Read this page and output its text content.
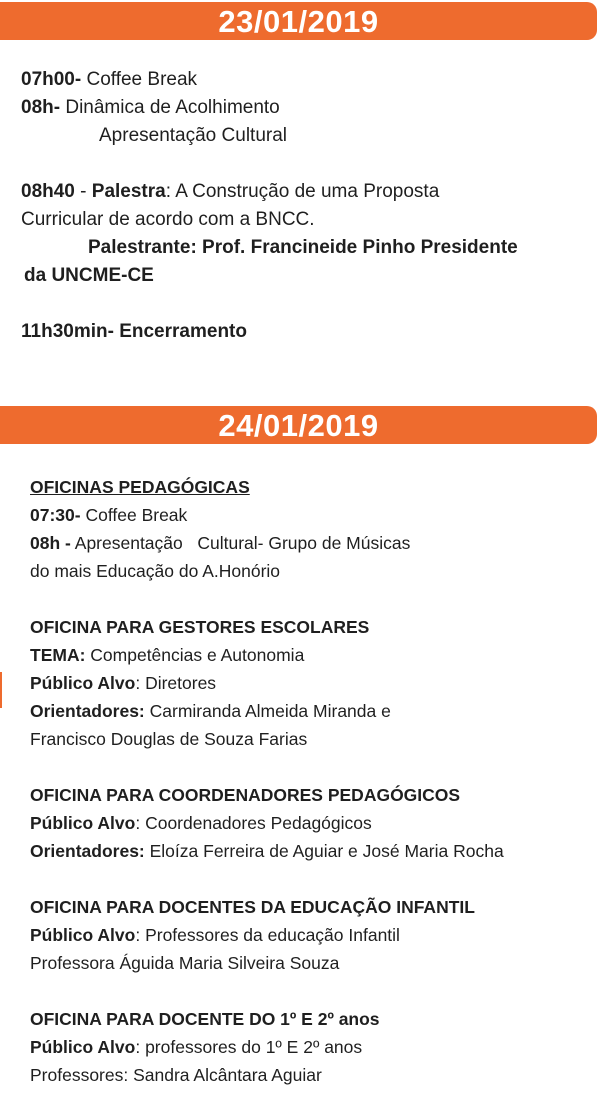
23/01/2019
07h00- Coffee Break
08h- Dinâmica de Acolhimento
Apresentação Cultural
08h40 - Palestra: A Construção de uma Proposta
Curricular de acordo com a BNCC.
Palestrante: Prof. Francineide Pinho Presidente
da UNCME-CE
11h30min- Encerramento
24/01/2019
OFICINAS PEDAGÓGICAS
07:30- Coffee Break
08h - Apresentação   Cultural- Grupo de Músicas
do mais Educação do A.Honório
OFICINA PARA GESTORES ESCOLARES
TEMA: Competências e Autonomia
Público Alvo: Diretores
Orientadores: Carmiranda Almeida Miranda e
Francisco Douglas de Souza Farias
OFICINA PARA COORDENADORES PEDAGÓGICOS
Público Alvo: Coordenadores Pedagógicos
Orientadores: Eloíza Ferreira de Aguiar e José Maria Rocha
OFICINA PARA DOCENTES DA EDUCAÇÃO INFANTIL
Público Alvo: Professores da educação Infantil
Professora Águida Maria Silveira Souza
OFICINA PARA DOCENTE DO 1º E 2º anos
Público Alvo: professores do 1º E 2º anos
Professores: Sandra Alcântara Aguiar
